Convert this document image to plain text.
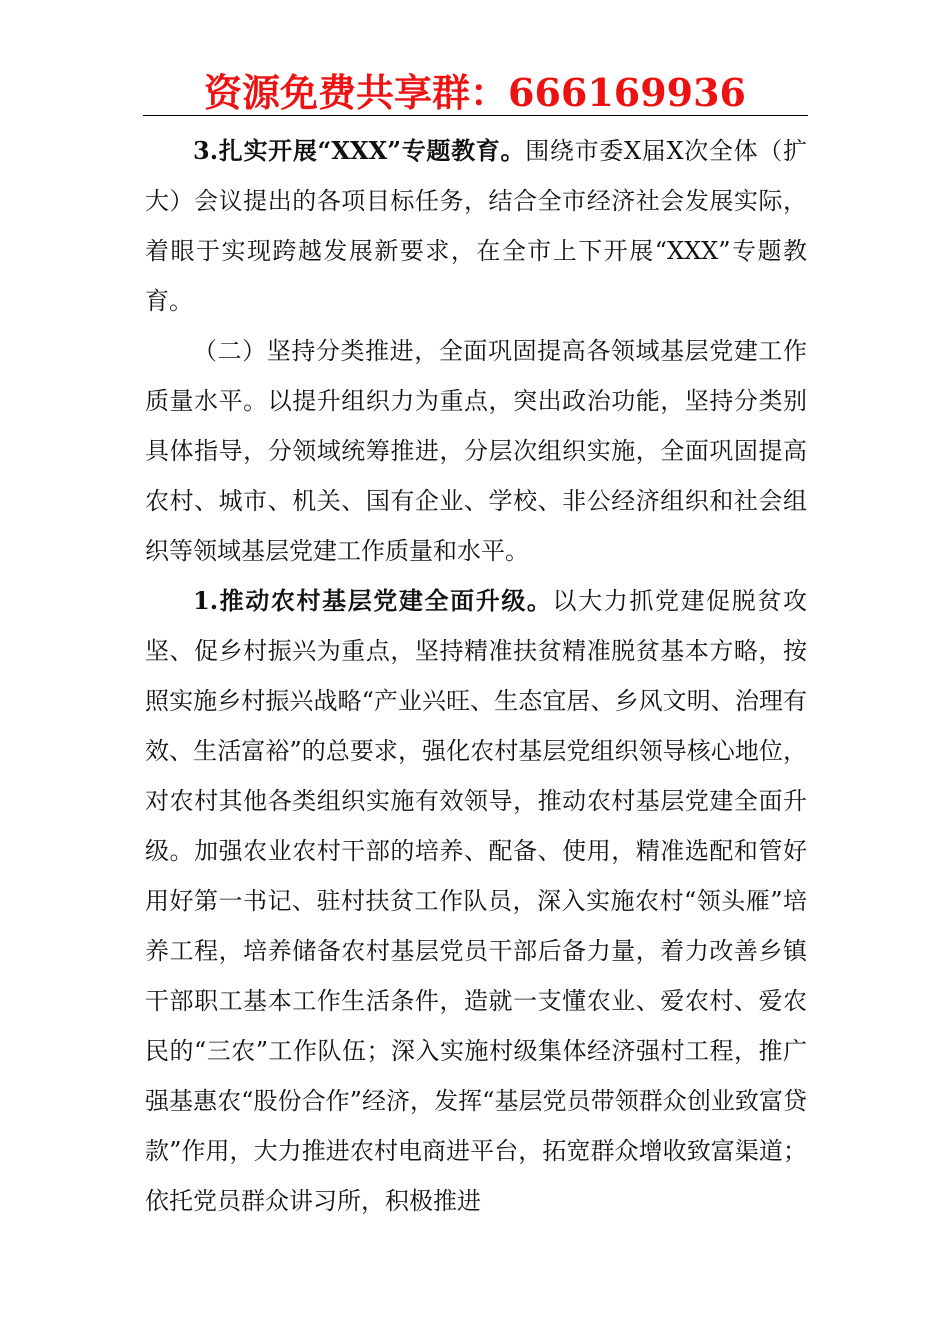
资源免费共享群：666169936

3.扎实开展“XXX”专题教育。围绕市委X届X次全体（扩大）会议提出的各项目标任务，结合全市经济社会发展实际，着眼于实现跨越发展新要求，在全市上下开展“XXX”专题教育。

（二）坚持分类推进，全面巩固提高各领域基层党建工作质量水平。以提升组织力为重点，突出政治功能，坚持分类别具体指导，分领域统筹推进，分层次组织实施，全面巩固提高农村、城市、机关、国有企业、学校、非公经济组织和社会组织等领域基层党建工作质量和水平。

1.推动农村基层党建全面升级。以大力抓党建促脱贫攻坚、促乡村振兴为重点，坚持精准扶贫精准脱贫基本方略，按照实施乡村振兴战略“产业兴旺、生态宜居、乡风文明、治理有效、生活富裕”的总要求，强化农村基层党组织领导核心地位，对农村其他各类组织实施有效领导，推动农村基层党建全面升级。加强农业农村干部的培养、配备、使用，精准选配和管好用好第一书记、驻村扶贫工作队员，深入实施农村“领头雁”培养工程，培养储备农村基层党员干部后备力量，着力改善乡镇干部职工基本工作生活条件，造就一支懂农业、爱农村、爱农民的“三农”工作队伍；深入实施村级集体经济强村工程，推广强基惠农“股份合作”经济，发挥“基层党员带领群众创业致富贷款”作用，大力推进农村电商进平台，拓宽群众增收致富渠道；依托党员群众讲习所，积极推进
